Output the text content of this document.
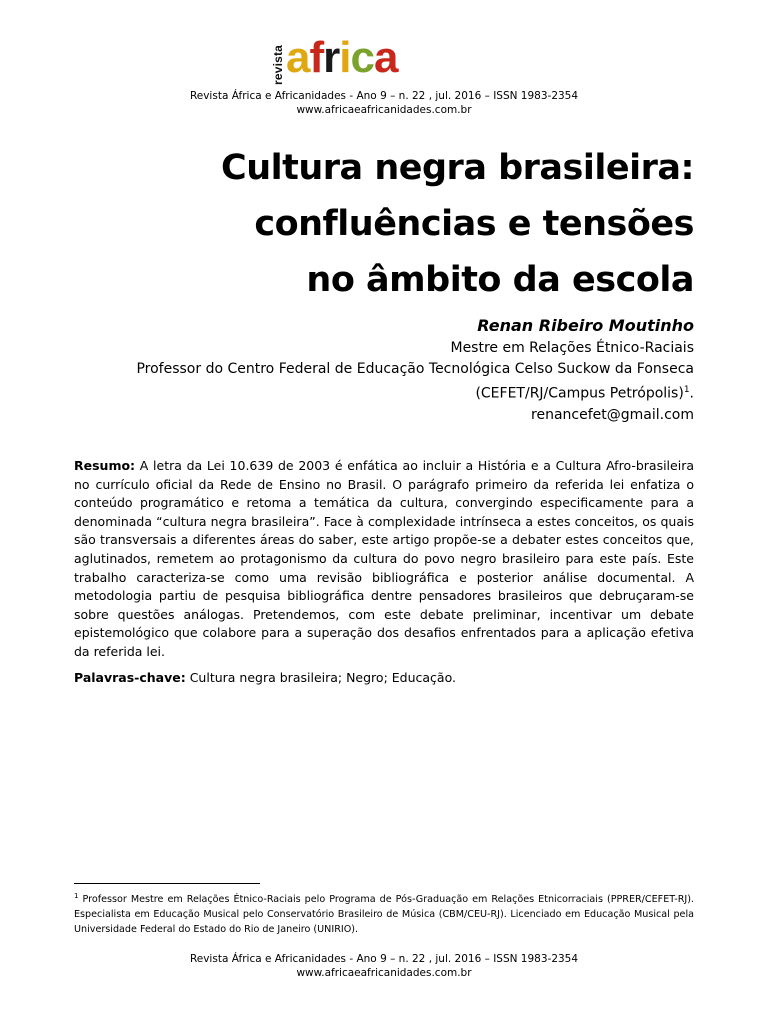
revista africa
Revista África e Africanidades - Ano 9 – n. 22 , jul. 2016 – ISSN 1983-2354
www.africaeafricanidades.com.br
Cultura negra brasileira:
confluências e tensões
no âmbito da escola
Renan Ribeiro Moutinho
Mestre em Relações Étnico-Raciais
Professor do Centro Federal de Educação Tecnológica Celso Suckow da Fonseca
(CEFET/RJ/Campus Petrópolis)$^1$.
renancefet@gmail.com
Resumo: A letra da Lei 10.639 de 2003 é enfática ao incluir a História e a Cultura Afro-brasileira no currículo oficial da Rede de Ensino no Brasil. O parágrafo primeiro da referida lei enfatiza o conteúdo programático e retoma a temática da cultura, convergindo especificamente para a denominada “cultura negra brasileira”. Face à complexidade intrínseca a estes conceitos, os quais são transversais a diferentes áreas do saber, este artigo propõe-se a debater estes conceitos que, aglutinados, remetem ao protagonismo da cultura do povo negro brasileiro para este país. Este trabalho caracteriza-se como uma revisão bibliográfica e posterior análise documental. A metodologia partiu de pesquisa bibliográfica dentre pensadores brasileiros que debruçaram-se sobre questões análogas. Pretendemos, com este debate preliminar, incentivar um debate epistemológico que colabore para a superação dos desafios enfrentados para a aplicação efetiva da referida lei.
Palavras-chave: Cultura negra brasileira; Negro; Educação.
$^1$ Professor Mestre em Relações Étnico-Raciais pelo Programa de Pós-Graduação em Relações Etnicorraciais (PPRER/CEFET-RJ). Especialista em Educação Musical pelo Conservatório Brasileiro de Música (CBM/CEU-RJ). Licenciado em Educação Musical pela Universidade Federal do Estado do Rio de Janeiro (UNIRIO).
Revista África e Africanidades - Ano 9 – n. 22 , jul. 2016 – ISSN 1983-2354
www.africaeafricanidades.com.br
